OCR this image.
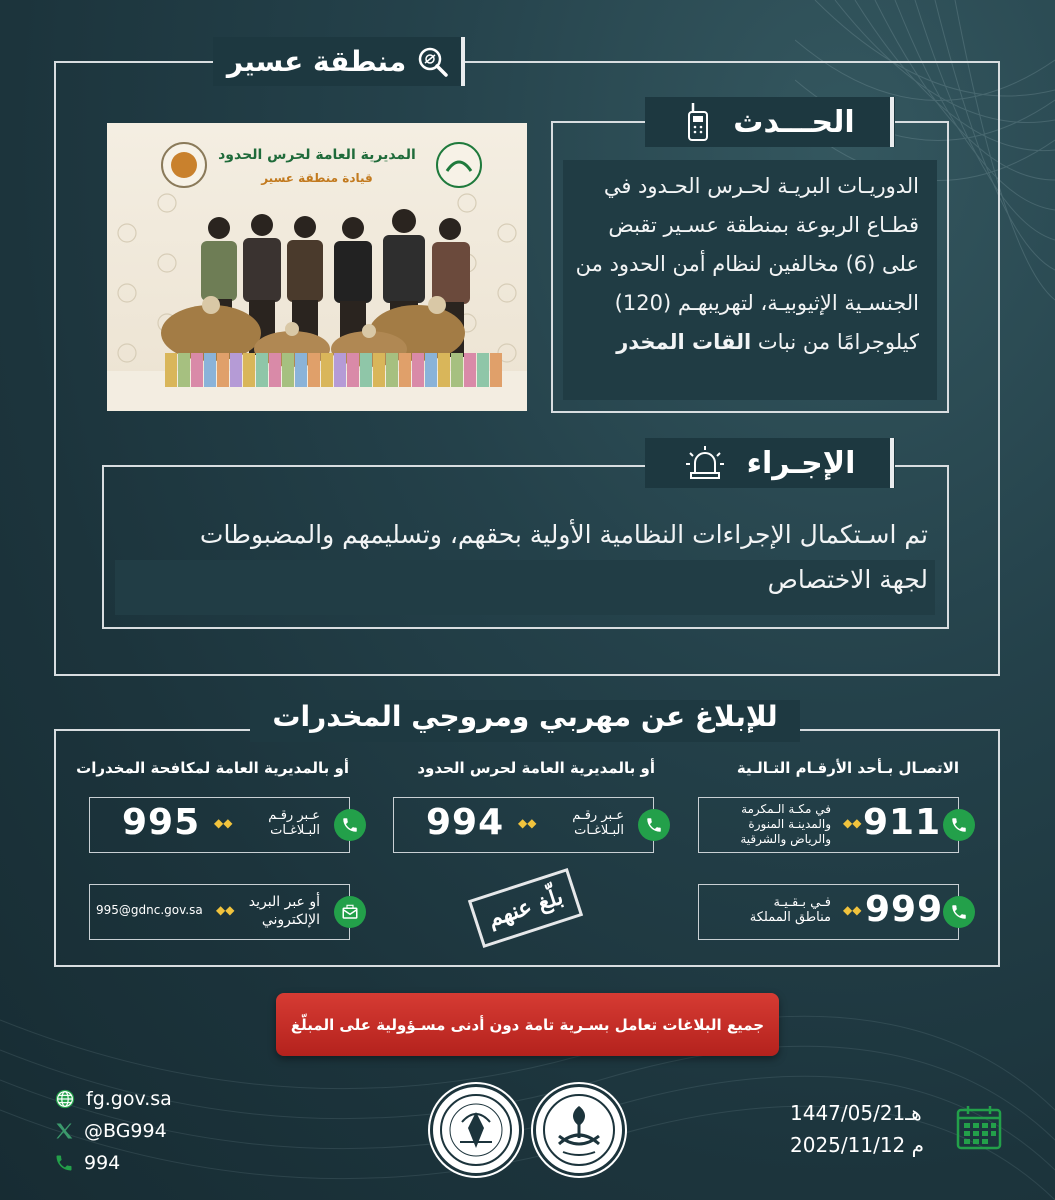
منطقة عسير
الحـــدث
الدوريـات البريـة لحـرس الحـدود في
قطـاع الربوعة بمنطقة عسـير تقبض
على (6) مخالفين لنظام أمن الحدود من
الجنسـية الإثيوبيـة، لتهريبهـم (120)
كيلوجرامًا من نبات القات المخدر
المديرية العامة لحرس الحدود
قيادة منطقة عسير
الإجـراء
تم اسـتكمال الإجراءات النظامية الأولية بحقهم، وتسليمهم والمضبوطات
لجهة الاختصاص
للإبلاغ عن مهربي ومروجي المخدرات
الاتصـال بـأحد الأرقـام التـالـية
أو بالمديرية العامة لحرس الحدود
أو بالمديرية العامة لمكافحة المخدرات
911
◆◆
في مكـة الـمكرمة
والمدينـة المنورة
والرياض والشرقية
999
◆◆
فـي بـقـيـة
مناطق المملكة
994 ◆◆	عـبر رقـم
البـلاغـات
995 ◆◆	عـبر رقـم
البـلاغـات
995@gdnc.gov.sa ◆◆	أو عبر البريد
الإلكتروني	بلّغ عنهم
جميع البلاغات تعامل بسـرية تامة دون أدنى مسـؤولية على المبلّغ
fg.gov.sa
@BG994
994
1447/05/21هـ
2025/11/12 م
